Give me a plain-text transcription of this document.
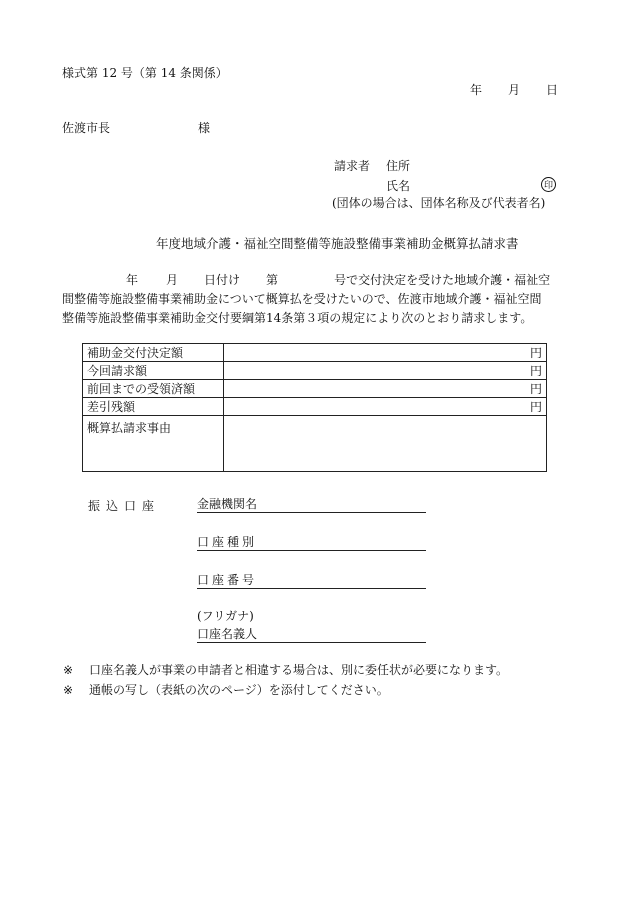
様式第 12 号（第 14 条関係）
年 月 日
佐渡市長	様
請求者 住所
氏名	印
(団体の場合は、団体名称及び代表者名)
年度地域介護・福祉空間整備等施設整備事業補助金概算払請求書
年 月 日付け 第	号で交付決定を受けた地域介護・福祉空
間整備等施設整備事業補助金について概算払を受けたいので、佐渡市地域介護・福祉空間
整備等施設整備事業補助金交付要綱第14条第３項の規定により次のとおり請求します。
補助金交付決定額	円
今回請求額	円
前回までの受領済額	円
差引残額	円
概算払請求事由	
振込口座	金融機関名
口座種別
口座番号
(フリガナ)
口座名義人
※ 口座名義人が事業の申請者と相違する場合は、別に委任状が必要になります。
※ 通帳の写し（表紙の次のページ）を添付してください。
